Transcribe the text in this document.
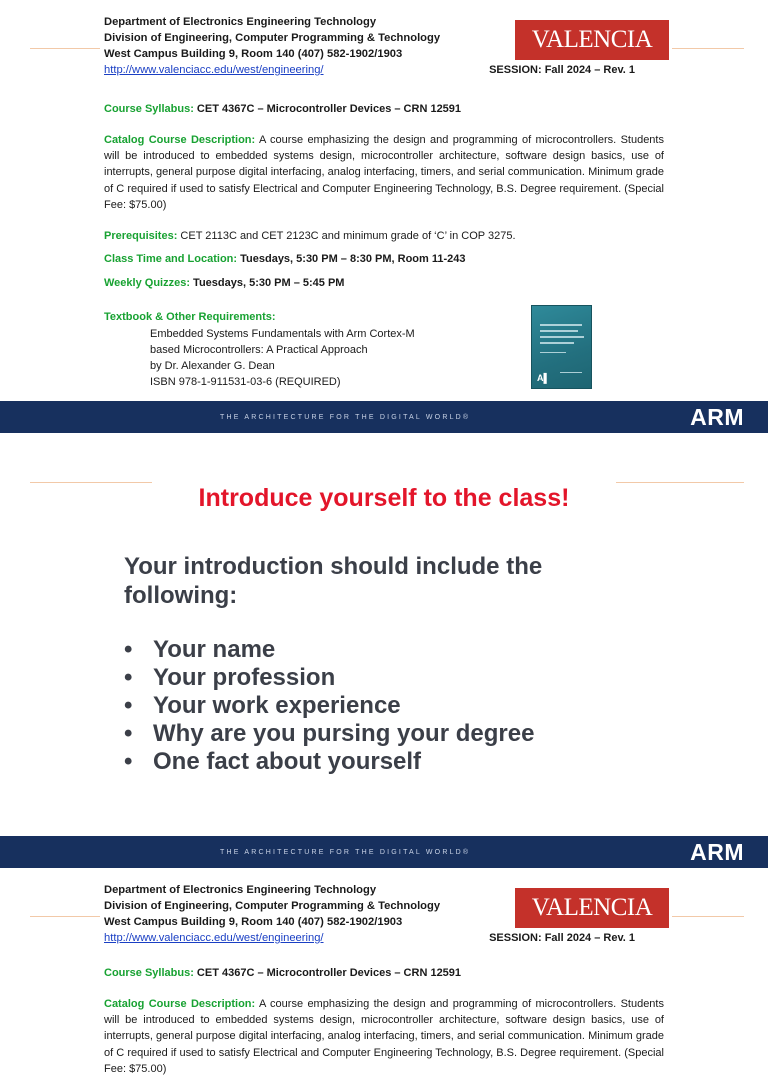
Department of Electronics Engineering Technology
Division of Engineering, Computer Programming & Technology
West Campus Building 9, Room 140 (407) 582-1902/1903
http://www.valenciacc.edu/west/engineering/	SESSION: Fall 2024 – Rev. 1
VALENCIA
Course Syllabus: CET 4367C – Microcontroller Devices – CRN 12591
Catalog Course Description: A course emphasizing the design and programming of microcontrollers. Students will be introduced to embedded systems design, microcontroller architecture, software design basics, use of interrupts, general purpose digital interfacing, analog interfacing, timers, and serial communication. Minimum grade of C required if used to satisfy Electrical and Computer Engineering Technology, B.S. Degree requirement. (Special Fee: $75.00)
Prerequisites: CET 2113C and CET 2123C and minimum grade of ‘C’ in COP 3275.
Class Time and Location: Tuesdays, 5:30 PM – 8:30 PM, Room 11-243
Weekly Quizzes: Tuesdays, 5:30 PM – 5:45 PM
Textbook & Other Requirements:
Embedded Systems Fundamentals with Arm Cortex-M
based Microcontrollers: A Practical Approach
by Dr. Alexander G. Dean
ISBN 978-1-911531-03-6 (REQUIRED)	A▌
THE ARCHITECTURE FOR THE DIGITAL WORLD®	ARM
Introduce yourself to the class!
Your introduction should include the following:
• Your name
• Your profession
• Your work experience
• Why are you pursing your degree
• One fact about yourself
THE ARCHITECTURE FOR THE DIGITAL WORLD®	ARM
Department of Electronics Engineering Technology
Division of Engineering, Computer Programming & Technology
West Campus Building 9, Room 140 (407) 582-1902/1903
http://www.valenciacc.edu/west/engineering/	SESSION: Fall 2024 – Rev. 1
VALENCIA
Course Syllabus: CET 4367C – Microcontroller Devices – CRN 12591
Catalog Course Description: A course emphasizing the design and programming of microcontrollers. Students will be introduced to embedded systems design, microcontroller architecture, software design basics, use of interrupts, general purpose digital interfacing, analog interfacing, timers, and serial communication. Minimum grade of C required if used to satisfy Electrical and Computer Engineering Technology, B.S. Degree requirement. (Special Fee: $75.00)
